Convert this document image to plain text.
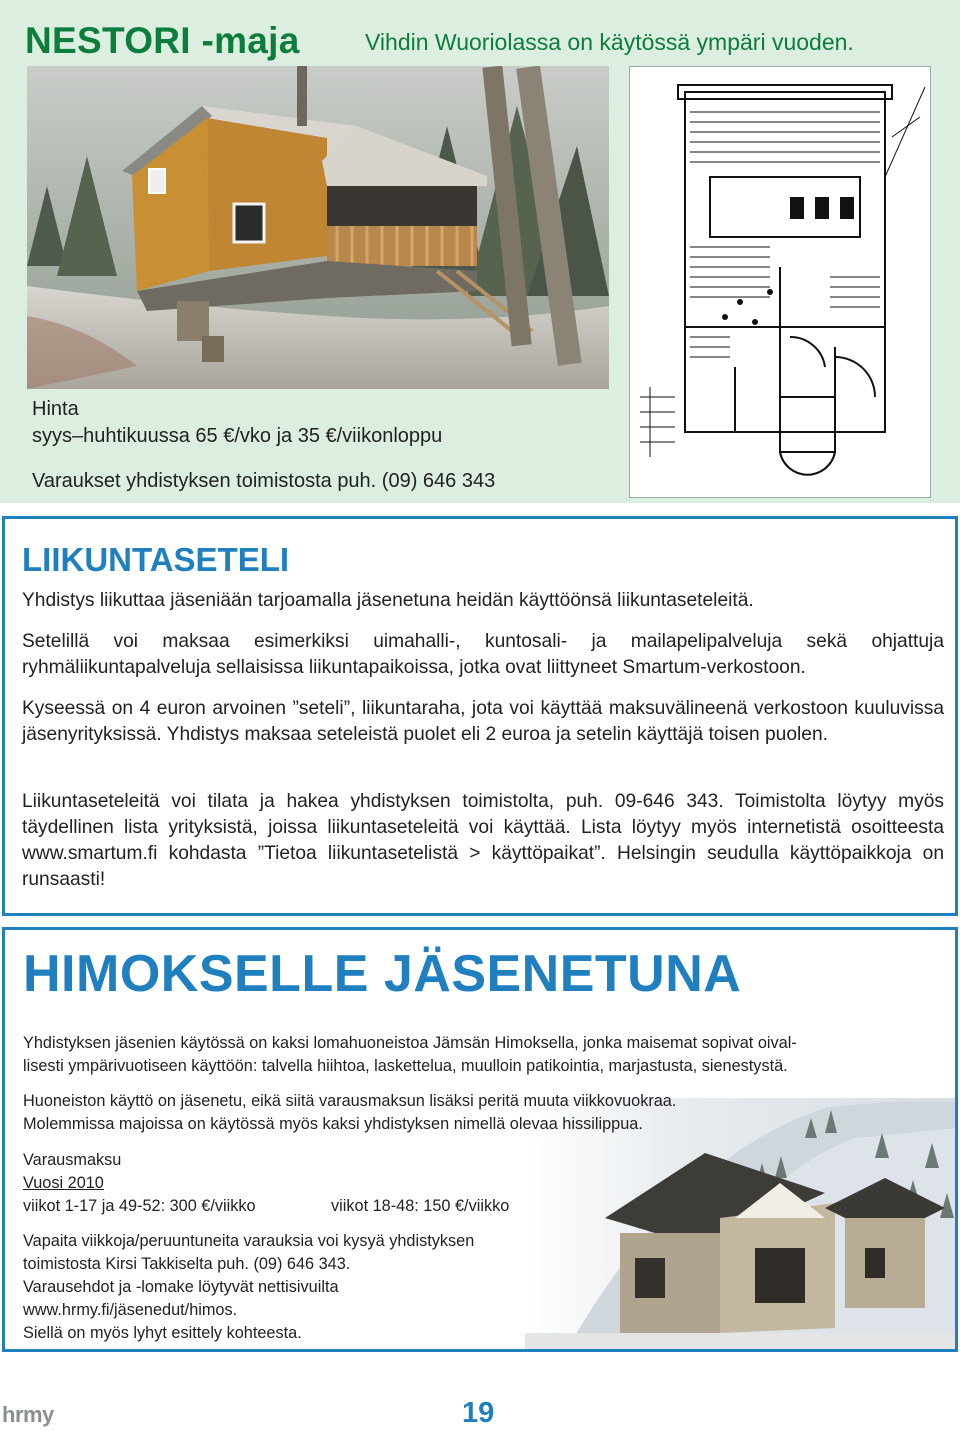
NESTORI -maja	Vihdin Wuoriolassa on käytössä ympäri vuoden.
Hinta
syys–huhtikuussa 65 €/vko ja 35 €/viikonloppu
Varaukset yhdistyksen toimistosta puh. (09) 646 343
LIIKUNTASETELI

Yhdistys liikuttaa jäseniään tarjoamalla jäsenetuna heidän käyttöönsä liikuntaseteleitä.

Setelillä voi maksaa esimerkiksi uimahalli-, kuntosali- ja mailapelipalveluja sekä ohjattuja ryhmäliikuntapalveluja sellaisissa liikuntapaikoissa, jotka ovat liittyneet Smartum-verkostoon.

Kyseessä on 4 euron arvoinen ”seteli”, liikuntaraha, jota voi käyttää maksuvälineenä verkostoon kuuluvissa jäsenyrityksissä. Yhdistys maksaa seteleistä puolet eli 2 euroa ja setelin käyttäjä toisen puolen.

Liikuntaseteleitä voi tilata ja hakea yhdistyksen toimistolta, puh. 09-646 343. Toimistolta löytyy myös täydellinen lista yrityksistä, joissa liikuntaseteleitä voi käyttää. Lista löytyy myös internetistä osoitteesta www.smartum.fi kohdasta ”Tietoa liikuntasetelistä > käyttöpaikat”. Helsingin seudulla käyttöpaikkoja on runsaasti!

HIMOKSELLE JÄSENETUNA

Yhdistyksen jäsenien käytössä on kaksi lomahuoneistoa Jämsän Himoksella, jonka maisemat sopivat oival-

lisesti ympärivuotiseen käyttöön: talvella hiihtoa, laskettelua, muulloin patikointia, marjastusta, sienestystä.

Huoneiston käyttö on jäsenetu, eikä siitä varausmaksun lisäksi peritä muuta viikkovuokraa.

Molemmissa majoissa on käytössä myös kaksi yhdistyksen nimellä olevaa hissilippua.

Varausmaksu

Vuosi 2010

viikot 1-17 ja 49-52: 300 €/viikko	viikot 18-48: 150 €/viikko

Vapaita viikkoja/peruuntuneita varauksia voi kysyä yhdistyksen

toimistosta Kirsi Takkiselta puh. (09) 646 343.

Varausehdot ja -lomake löytyvät nettisivuilta

www.hrmy.fi/jäsenedut/himos.

Siellä on myös lyhyt esittely kohteesta.

hrmy	19
